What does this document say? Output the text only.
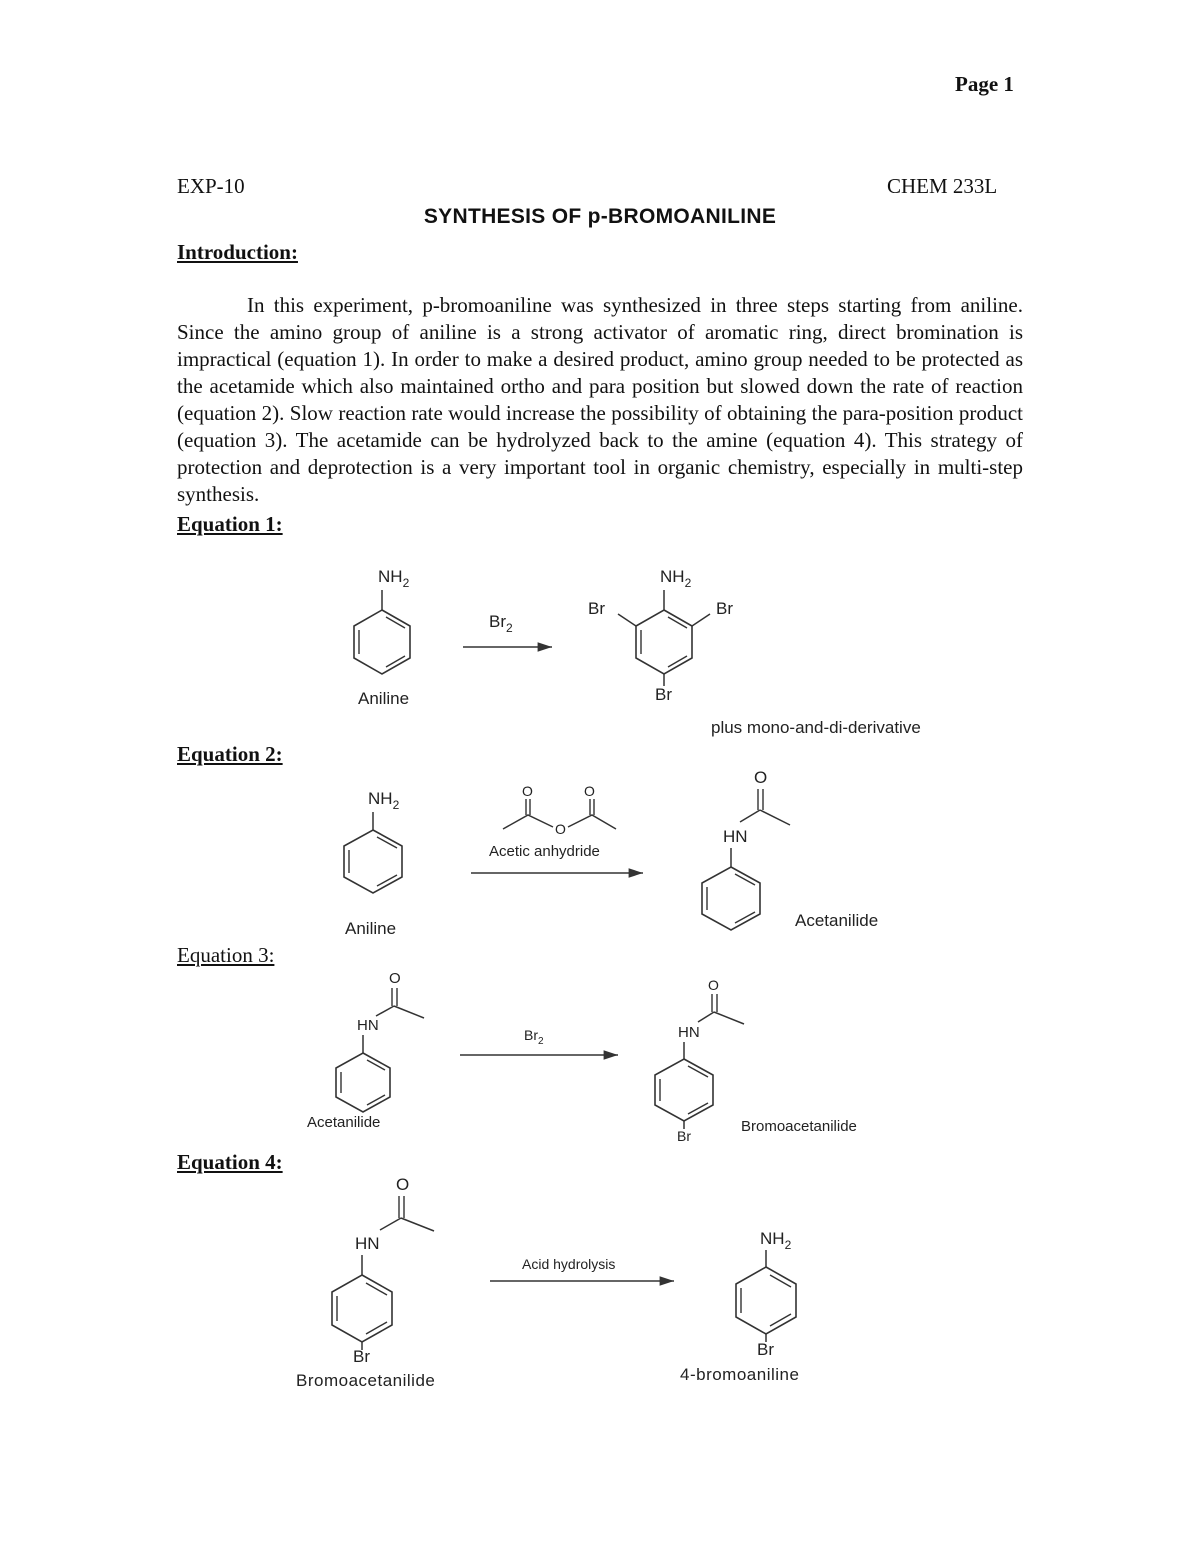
Page 1
EXP-10	CHEM 233L
SYNTHESIS OF p-BROMOANILINE
Introduction:
In this experiment, p-bromoaniline was synthesized in three steps starting from aniline. Since the amino group of aniline is a strong activator of aromatic ring, direct bromination is impractical (equation 1). In order to make a desired product, amino group needed to be protected as the acetamide which also maintained ortho and para position but slowed down the rate of reaction (equation 2). Slow reaction rate would increase the possibility of obtaining the para-position product (equation 3). The acetamide can be hydrolyzed back to the amine (equation 4). This strategy of protection and deprotection is a very important tool in organic chemistry, especially in multi-step synthesis.
Equation 1:
Equation 2:
Equation 3:
Equation 4:
$NH_2$
Aniline
$Br_2$
$NH_2$
Br	Br
Br
plus mono-and-di-derivative
$NH_2$
Aniline
O	O
O
Acetic anhydride
O
HN
Acetanilide
O
HN
Acetanilide
$Br_2$
O
HN
Br
Bromoacetanilide
O
HN
Br
Bromoacetanilide
Acid hydrolysis
$NH_2$
Br
4-bromoaniline
